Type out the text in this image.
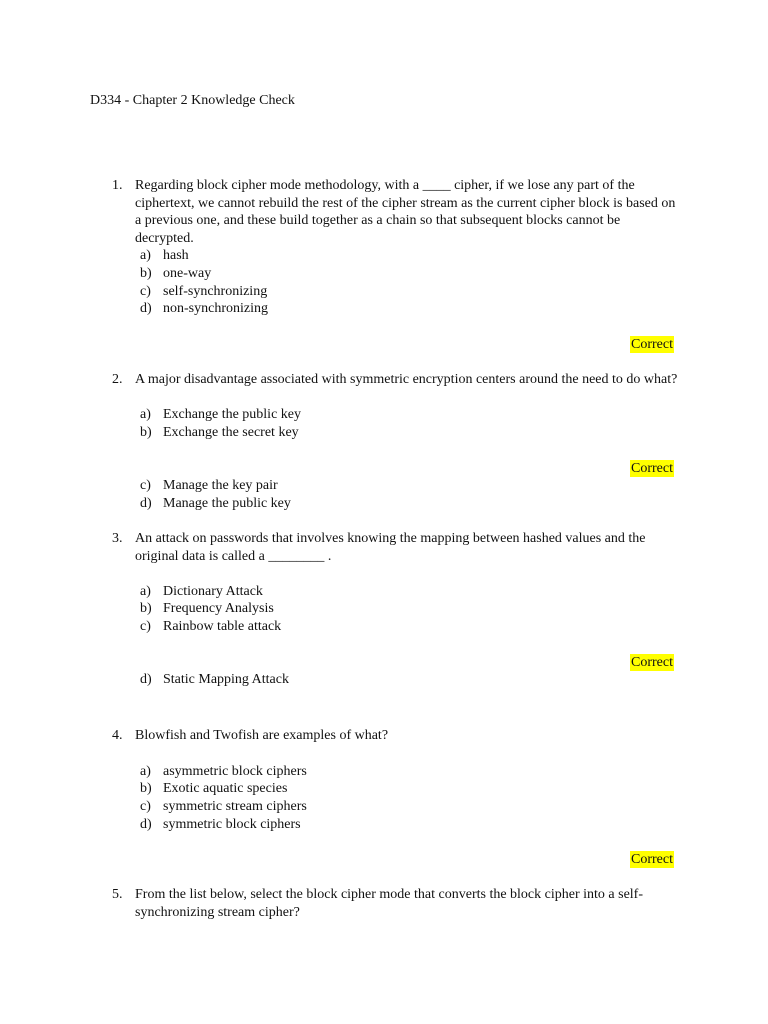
D334 - Chapter 2 Knowledge Check
1. Regarding block cipher mode methodology, with a ____ cipher, if we lose any part of the ciphertext, we cannot rebuild the rest of the cipher stream as the current cipher block is based on a previous one, and these build together as a chain so that subsequent blocks cannot be decrypted.
a) hash
b) one-way
c) self-synchronizing
d) non-synchronizing
Correct
2. A major disadvantage associated with symmetric encryption centers around the need to do what?
a) Exchange the public key
b) Exchange the secret key
Correct
c) Manage the key pair
d) Manage the public key
3. An attack on passwords that involves knowing the mapping between hashed values and the original data is called a ________ .
a) Dictionary Attack
b) Frequency Analysis
c) Rainbow table attack
Correct
d) Static Mapping Attack
4. Blowfish and Twofish are examples of what?
a) asymmetric block ciphers
b) Exotic aquatic species
c) symmetric stream ciphers
d) symmetric block ciphers
Correct
5. From the list below, select the block cipher mode that converts the block cipher into a self-synchronizing stream cipher?
